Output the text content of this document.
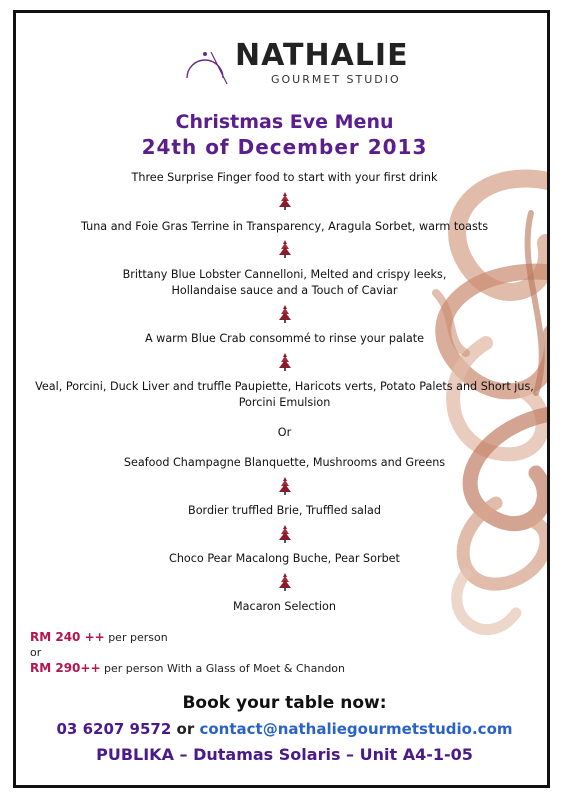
NATHALIE
GOURMET STUDIO
Christmas Eve Menu
24th of December 2013
Three Surprise Finger food to start with your first drink
Tuna and Foie Gras Terrine in Transparency, Aragula Sorbet, warm toasts
Brittany Blue Lobster Cannelloni, Melted and crispy leeks,
Hollandaise sauce and a Touch of Caviar
A warm Blue Crab consommé to rinse your palate
Veal, Porcini, Duck Liver and truffle Paupiette, Haricots verts, Potato Palets and Short jus,
Porcini Emulsion
Or
Seafood Champagne Blanquette, Mushrooms and Greens
Bordier truffled Brie, Truffled salad
Choco Pear Macalong Buche, Pear Sorbet
Macaron Selection
RM 240 ++ per person
or
RM 290++ per person With a Glass of Moet & Chandon
Book your table now:
03 6207 9572 or contact@nathaliegourmetstudio.com
PUBLIKA – Dutamas Solaris – Unit A4-1-05
